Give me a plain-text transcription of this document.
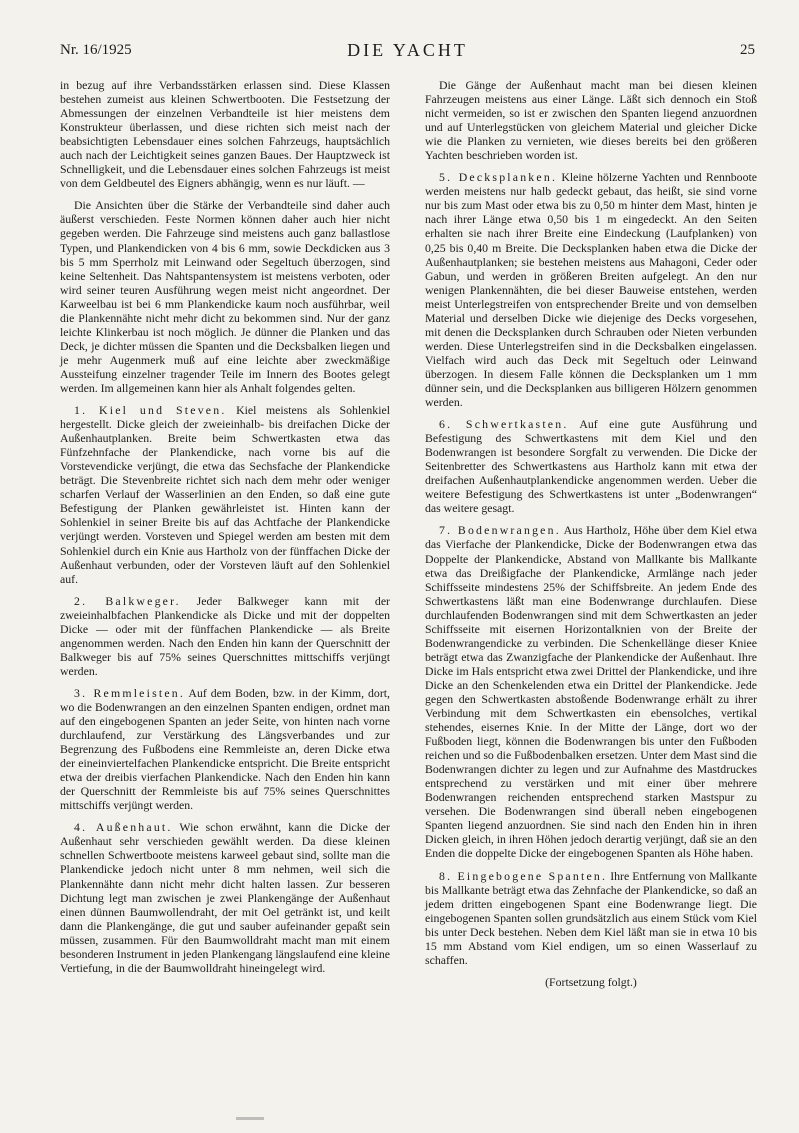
Nr. 16/1925	DIE YACHT	25

in bezug auf ihre Verbandsstärken erlassen sind. Diese Klassen bestehen zumeist aus kleinen Schwertbooten. Die Festsetzung der Abmessungen der einzelnen Verbandteile ist hier meistens dem Konstrukteur überlassen, und diese richten sich meist nach der beabsichtigten Lebensdauer eines solchen Fahrzeugs, hauptsächlich auch nach der Leichtigkeit seines ganzen Baues. Der Hauptzweck ist Schnelligkeit, und die Lebensdauer eines solchen Fahrzeugs ist meist von dem Geldbeutel des Eigners abhängig, wenn es nur läuft. —

Die Ansichten über die Stärke der Verbandteile sind daher auch äußerst verschieden. Feste Normen können daher auch hier nicht gegeben werden. Die Fahrzeuge sind meistens auch ganz ballastlose Typen, und Plankendicken von 4 bis 6 mm, sowie Deckdicken aus 3 bis 5 mm Sperrholz mit Leinwand oder Segeltuch überzogen, sind keine Seltenheit. Das Nahtspantensystem ist meistens verboten, oder wird seiner teuren Ausführung wegen meist nicht angeordnet. Der Karweelbau ist bei 6 mm Plankendicke kaum noch ausführbar, weil die Plankennähte nicht mehr dicht zu bekommen sind. Nur der ganz leichte Klinkerbau ist noch möglich. Je dünner die Planken und das Deck, je dichter müssen die Spanten und die Decksbalken liegen und je mehr Augenmerk muß auf eine leichte aber zweckmäßige Aussteifung einzelner tragender Teile im Innern des Bootes gelegt werden. Im allgemeinen kann hier als Anhalt folgendes gelten.

1. Kiel und Steven. Kiel meistens als Sohlenkiel hergestellt. Dicke gleich der zweieinhalb- bis dreifachen Dicke der Außenhautplanken. Breite beim Schwertkasten etwa das Fünfzehnfache der Plankendicke, nach vorne bis auf die Vorstevendicke verjüngt, die etwa das Sechsfache der Plankendicke beträgt. Die Stevenbreite richtet sich nach dem mehr oder weniger scharfen Verlauf der Wasserlinien an den Enden, so daß eine gute Befestigung der Planken gewährleistet ist. Hinten kann der Sohlenkiel in seiner Breite bis auf das Achtfache der Plankendicke verjüngt werden. Vorsteven und Spiegel werden am besten mit dem Sohlenkiel durch ein Knie aus Hartholz von der fünffachen Dicke der Außenhaut verbunden, oder der Vorsteven läuft auf den Sohlenkiel auf.

2. Balkweger. Jeder Balkweger kann mit der zweieinhalbfachen Plankendicke als Dicke und mit der doppelten Dicke — oder mit der fünffachen Plankendicke — als Breite angenommen werden. Nach den Enden hin kann der Querschnitt der Balkweger bis auf 75% seines Querschnittes mittschiffs verjüngt werden.

3. Remmleisten. Auf dem Boden, bzw. in der Kimm, dort, wo die Bodenwrangen an den einzelnen Spanten endigen, ordnet man auf den eingebogenen Spanten an jeder Seite, von hinten nach vorne durchlaufend, zur Verstärkung des Längsverbandes und zur Begrenzung des Fußbodens eine Remmleiste an, deren Dicke etwa der eineinviertelfachen Plankendicke entspricht. Die Breite entspricht etwa der dreibis vierfachen Plankendicke. Nach den Enden hin kann der Querschnitt der Remmleiste bis auf 75% seines Querschnittes mittschiffs verjüngt werden.

4. Außenhaut. Wie schon erwähnt, kann die Dicke der Außenhaut sehr verschieden gewählt werden. Da diese kleinen schnellen Schwertboote meistens karweel gebaut sind, sollte man die Plankendicke jedoch nicht unter 8 mm nehmen, weil sich die Plankennähte dann nicht mehr dicht halten lassen. Zur besseren Dichtung legt man zwischen je zwei Plankengänge der Außenhaut einen dünnen Baumwollendraht, der mit Oel getränkt ist, und keilt dann die Plankengänge, die gut und sauber aufeinander gepaßt sein müssen, zusammen. Für den Baumwolldraht macht man mit einem besonderen Instrument in jeden Plankengang längslaufend eine kleine Vertiefung, in die der Baumwolldraht hineingelegt wird.

Die Gänge der Außenhaut macht man bei diesen kleinen Fahrzeugen meistens aus einer Länge. Läßt sich dennoch ein Stoß nicht vermeiden, so ist er zwischen den Spanten liegend anzuordnen und auf Unterlegstücken von gleichem Material und gleicher Dicke wie die Planken zu vernieten, wie dieses bereits bei den größeren Yachten beschrieben worden ist.

5. Decksplanken. Kleine hölzerne Yachten und Rennboote werden meistens nur halb gedeckt gebaut, das heißt, sie sind vorne nur bis zum Mast oder etwa bis zu 0,50 m hinter dem Mast, hinten je nach ihrer Länge etwa 0,50 bis 1 m eingedeckt. An den Seiten erhalten sie nach ihrer Breite eine Eindeckung (Laufplanken) von 0,25 bis 0,40 m Breite. Die Decksplanken haben etwa die Dicke der Außenhautplanken; sie bestehen meistens aus Mahagoni, Ceder oder Gabun, und werden in größeren Breiten aufgelegt. An den nur wenigen Plankennähten, die bei dieser Bauweise entstehen, werden meist Unterlegstreifen von entsprechender Breite und von demselben Material und derselben Dicke wie diejenige des Decks vorgesehen, mit denen die Decksplanken durch Schrauben oder Nieten verbunden werden. Diese Unterlegstreifen sind in die Decksbalken eingelassen. Vielfach wird auch das Deck mit Segeltuch oder Leinwand überzogen. In diesem Falle können die Decksplanken um 1 mm dünner sein, und die Decksplanken aus billigeren Hölzern genommen werden.

6. Schwertkasten. Auf eine gute Ausführung und Befestigung des Schwertkastens mit dem Kiel und den Bodenwrangen ist besondere Sorgfalt zu verwenden. Die Dicke der Seitenbretter des Schwertkastens aus Hartholz kann mit etwa der dreifachen Außenhautplankendicke angenommen werden. Ueber die weitere Befestigung des Schwertkastens ist unter „Bodenwrangen“ das weitere gesagt.

7. Bodenwrangen. Aus Hartholz, Höhe über dem Kiel etwa das Vierfache der Plankendicke, Dicke der Bodenwrangen etwa das Doppelte der Plankendicke, Abstand von Mallkante bis Mallkante etwa das Dreißigfache der Plankendicke, Armlänge nach jeder Schiffsseite mindestens 25% der Schiffsbreite. An jedem Ende des Schwertkastens läßt man eine Bodenwrange durchlaufen. Diese durchlaufenden Bodenwrangen sind mit dem Schwertkasten an jeder Schiffsseite mit eisernen Horizontalknien von der Breite der Bodenwrangendicke zu verbinden. Die Schenkellänge dieser Kniee beträgt etwa das Zwanzigfache der Plankendicke der Außenhaut. Ihre Dicke im Hals entspricht etwa zwei Drittel der Plankendicke, und ihre Dicke an den Schenkelenden etwa ein Drittel der Plankendicke. Jede gegen den Schwertkasten abstoßende Bodenwrange erhält zu ihrer Verbindung mit dem Schwertkasten ein ebensolches, vertikal stehendes, eisernes Knie. In der Mitte der Länge, dort wo der Fußboden liegt, können die Bodenwrangen bis unter den Fußboden reichen und so die Fußbodenbalken ersetzen. Unter dem Mast sind die Bodenwrangen dichter zu legen und zur Aufnahme des Mastdruckes entsprechend zu verstärken und mit einer über mehrere Bodenwrangen reichenden entsprechend starken Mastspur zu versehen. Die Bodenwrangen sind überall neben eingebogenen Spanten liegend anzuordnen. Sie sind nach den Enden hin in ihren Dicken gleich, in ihren Höhen jedoch derartig verjüngt, daß sie an den Enden die doppelte Dicke der eingebogenen Spanten als Höhe haben.

8. Eingebogene Spanten. Ihre Entfernung von Mallkante bis Mallkante beträgt etwa das Zehnfache der Plankendicke, so daß an jedem dritten eingebogenen Spant eine Bodenwrange liegt. Die eingebogenen Spanten sollen grundsätzlich aus einem Stück vom Kiel bis unter Deck bestehen. Neben dem Kiel läßt man sie in etwa 10 bis 15 mm Abstand vom Kiel endigen, um so einen Wasserlauf zu schaffen.

(Fortsetzung folgt.)
